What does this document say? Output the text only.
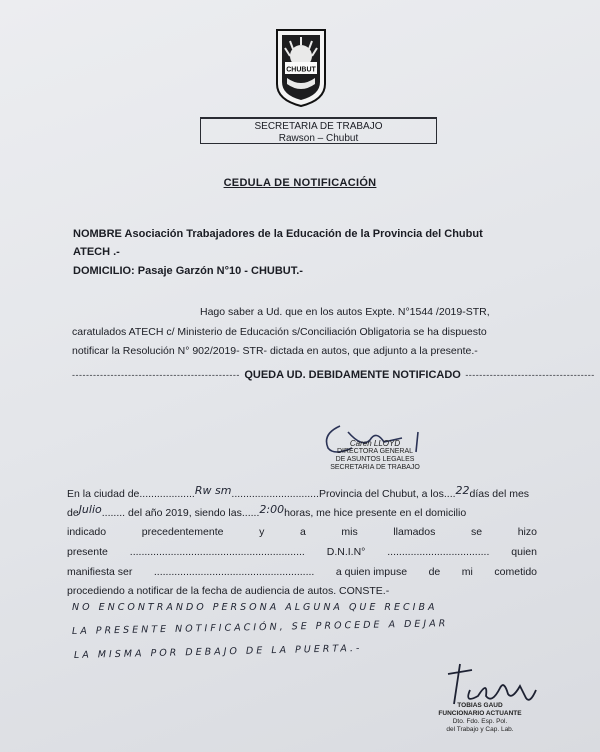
CHUBUT
SECRETARIA DE TRABAJO
Rawson – Chubut
CEDULA DE NOTIFICACIÓN
NOMBRE Asociación Trabajadores de la Educación de la Provincia del Chubut
ATECH .-
DOMICILIO: Pasaje Garzón N°10 - CHUBUT.-
Hago saber a Ud. que en los autos Expte. N°1544 /2019-STR,
caratulados ATECH c/ Ministerio de Educación s/Conciliación Obligatoria se ha dispuesto
notificar la Resolución N° 902/2019- STR- dictada en autos, que adjunto a la presente.-
------------------------------------------------ QUEDA UD. DEBIDAMENTE NOTIFICADO -------------------------------------
Caren LLOYD
DIRECTORA GENERAL
DE ASUNTOS LEGALES
SECRETARIA DE TRABAJO
En la ciudad de...................Rw sm..............................Provincia del Chubut, a los....22días del mes
deJulio........ del año 2019, siendo las......2:00horas, me hice presente en el domicilio
indicado	precedentemente	y	a	mis	llamados	se	hizo
presente ............................................................ D.N.I.N° ................................... quien
manifiesta ser ....................................................... a quien impuse de mi cometido
procediendo a notificar de la fecha de audiencia de autos. CONSTE.-
NO ENCONTRANDO PERSONA ALGUNA QUE RECIBA
LA PRESENTE NOTIFICACIÓN, SE PROCEDE A DEJAR
LA MISMA POR DEBAJO DE LA PUERTA.-
TOBIAS GAUD
FUNCIONARIO ACTUANTE
Dto. Fdo. Esp. Pol.
del Trabajo y Cap. Lab.
